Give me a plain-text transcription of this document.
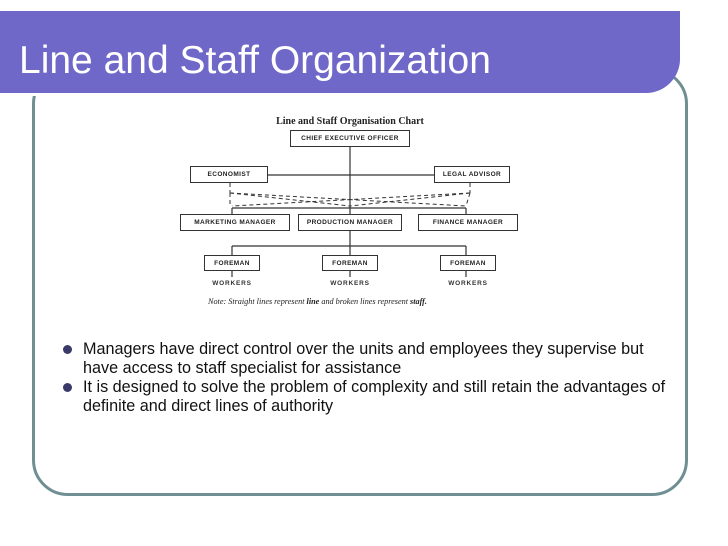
Line and Staff Organization
Line and Staff Organisation Chart
CHIEF EXECUTIVE OFFICER
ECONOMIST	LEGAL ADVISOR
MARKETING MANAGER	PRODUCTION MANAGER	FINANCE MANAGER
FOREMAN	FOREMAN	FOREMAN
WORKERS	WORKERS	WORKERS
Note: Straight lines represent line and broken lines represent staff.
Managers have direct control over the units and employees they supervise but have access to staff specialist for assistance
It is designed to solve the problem of complexity and still retain the advantages of definite and direct lines of authority
